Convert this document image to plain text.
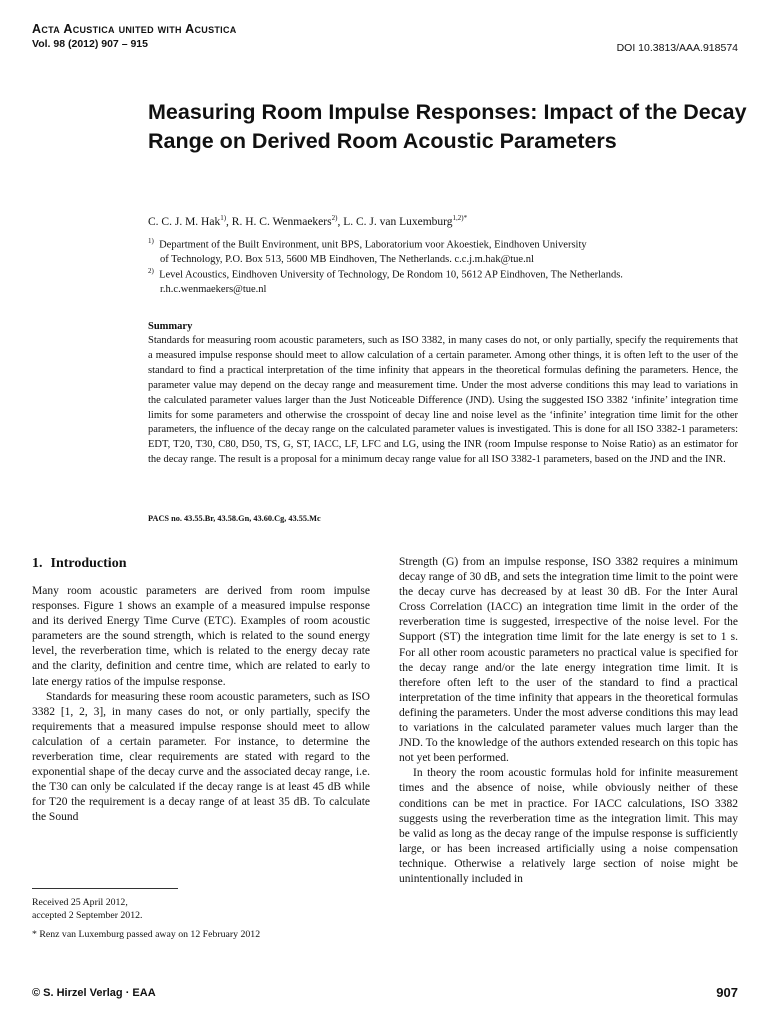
Acta Acustica united with Acustica
Vol. 98 (2012) 907 – 915	DOI 10.3813/AAA.918574
Measuring Room Impulse Responses: Impact of the Decay Range on Derived Room Acoustic Parameters
C. C. J. M. Hak$^{1)}$, R. H. C. Wenmaekers$^{2)}$, L. C. J. van Luxemburg$^{1,2)*}$
$^{1)}$ Department of the Built Environment, unit BPS, Laboratorium voor Akoestiek, Eindhoven University
of Technology, P.O. Box 513, 5600 MB Eindhoven, The Netherlands. c.c.j.m.hak@tue.nl
$^{2)}$ Level Acoustics, Eindhoven University of Technology, De Rondom 10, 5612 AP Eindhoven, The Netherlands.
r.h.c.wenmaekers@tue.nl
Summary
Standards for measuring room acoustic parameters, such as ISO 3382, in many cases do not, or only partially, specify the requirements that a measured impulse response should meet to allow calculation of a certain parameter. Among other things, it is often left to the user of the standard to find a practical interpretation of the time infinity that appears in the theoretical formulas defining the parameters. Hence, the parameter value may depend on the decay range and measurement time. Under the most adverse conditions this may lead to variations in the calculated parameter values larger than the Just Noticeable Difference (JND). Using the suggested ISO 3382 ‘infinite’ integration time limits for some parameters and otherwise the crosspoint of decay line and noise level as the ‘infinite’ integration time limit for the other parameters, the influence of the decay range on the calculated parameter values is investigated. This is done for all ISO 3382-1 parameters: EDT, T20, T30, C80, D50, TS, G, ST, IACC, LF, LFC and LG, using the INR (room Impulse response to Noise Ratio) as an estimator for the decay range. The result is a proposal for a minimum decay range value for all ISO 3382-1 parameters, based on the JND and the INR.
PACS no. 43.55.Br, 43.58.Gn, 43.60.Cg, 43.55.Mc
1. Introduction

Many room acoustic parameters are derived from room impulse responses. Figure 1 shows an example of a measured impulse response and its derived Energy Time Curve (ETC). Examples of room acoustic parameters are the sound strength, which is related to the sound energy level, the reverberation time, which is related to the energy decay rate and the clarity, definition and centre time, which are related to early to late energy ratios of the impulse response.

Standards for measuring these room acoustic parameters, such as ISO 3382 [1, 2, 3], in many cases do not, or only partially, specify the requirements that a measured impulse response should meet to allow calculation of a certain parameter. For instance, to determine the reverberation time, clear requirements are stated with regard to the exponential shape of the decay curve and the associated decay range, i.e. the T30 can only be calculated if the decay range is at least 45 dB while for T20 the requirement is a decay range of at least 35 dB. To calculate the Sound

Strength (G) from an impulse response, ISO 3382 requires a minimum decay range of 30 dB, and sets the integration time limit to the point were the decay curve has decreased by at least 30 dB. For the Inter Aural Cross Correlation (IACC) an integration time limit in the order of the reverberation time is suggested, irrespective of the noise level. For the Support (ST) the integration time limit for the late energy is set to 1 s. For all other room acoustic parameters no practical value is specified for the decay range and/or the late energy integration time limit. It is therefore often left to the user of the standard to find a practical interpretation of the time infinity that appears in the theoretical formulas defining the parameters. Under the most adverse conditions this may lead to variations in the calculated parameter values much larger than the JND. To the knowledge of the authors extended research on this topic has not yet been performed.

In theory the room acoustic formulas hold for infinite measurement times and the absence of noise, while obviously neither of these conditions can be met in practice. For IACC calculations, ISO 3382 suggests using the reverberation time as the integration limit. This may be valid as long as the decay range of the impulse response is sufficiently large, or has been increased artificially using a noise compensation technique. Otherwise a relatively large section of noise might be unintentionally included in

Received 25 April 2012,
accepted 2 September 2012.
* Renz van Luxemburg passed away on 12 February 2012
© S. Hirzel Verlag · EAA	907
